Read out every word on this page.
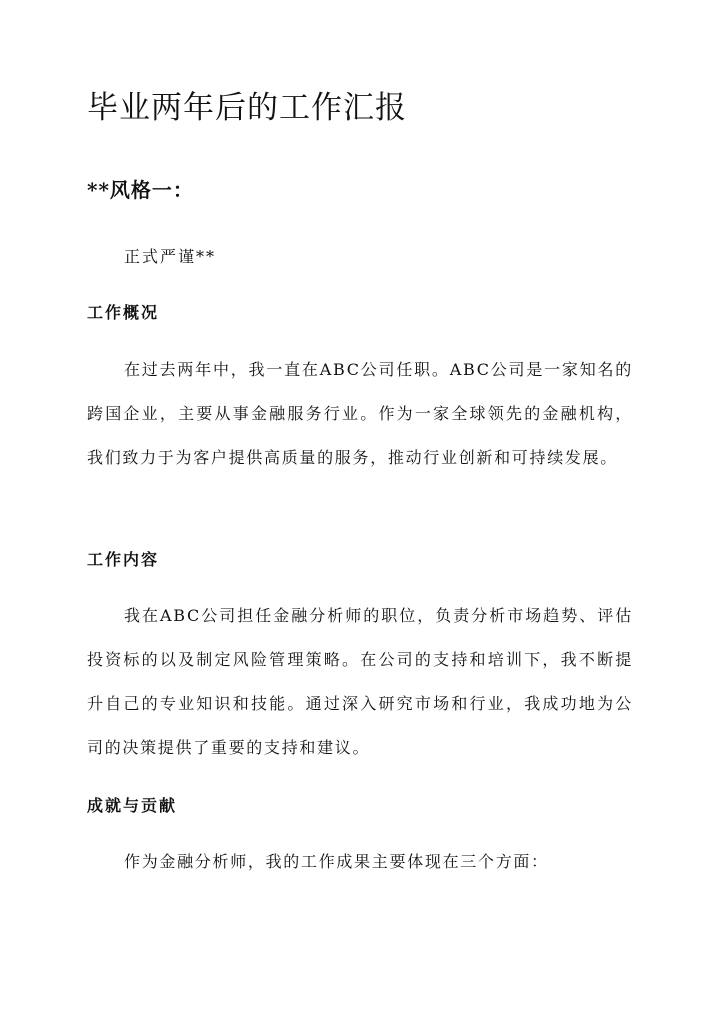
毕业两年后的工作汇报
**风格一：
正式严谨**
工作概况

在过去两年中，我一直在ABC公司任职。ABC公司是一家知名的跨国企业，主要从事金融服务行业。作为一家全球领先的金融机构，我们致力于为客户提供高质量的服务，推动行业创新和可持续发展。

工作内容

我在ABC公司担任金融分析师的职位，负责分析市场趋势、评估投资标的以及制定风险管理策略。在公司的支持和培训下，我不断提升自己的专业知识和技能。通过深入研究市场和行业，我成功地为公司的决策提供了重要的支持和建议。

成就与贡献

作为金融分析师，我的工作成果主要体现在三个方面：
